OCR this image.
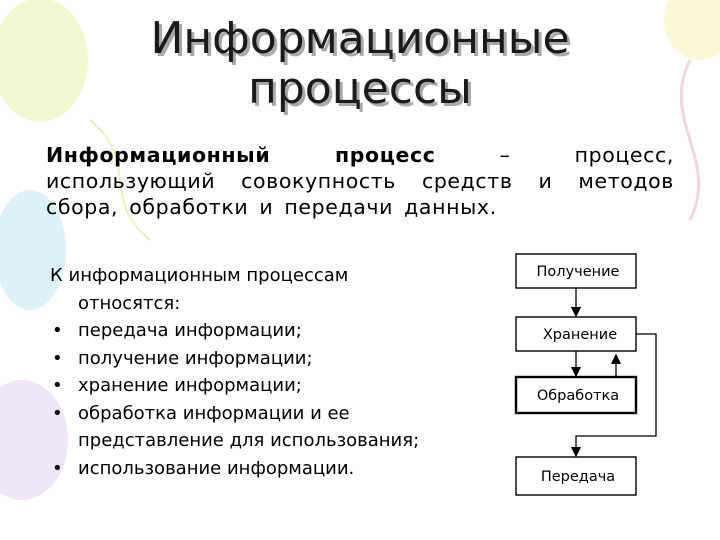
Информационные
процессы
Информационный процесс – процесс, использующий совокупность средств и методов сбора, обработки и передачи данных.

К информационным процессам
относятся:

• передача информации;
• получение информации;
• хранение информации;
• обработка информации и ее представление для использования;
• использование информации.
Получение
Хранение
Обработка
Передача
